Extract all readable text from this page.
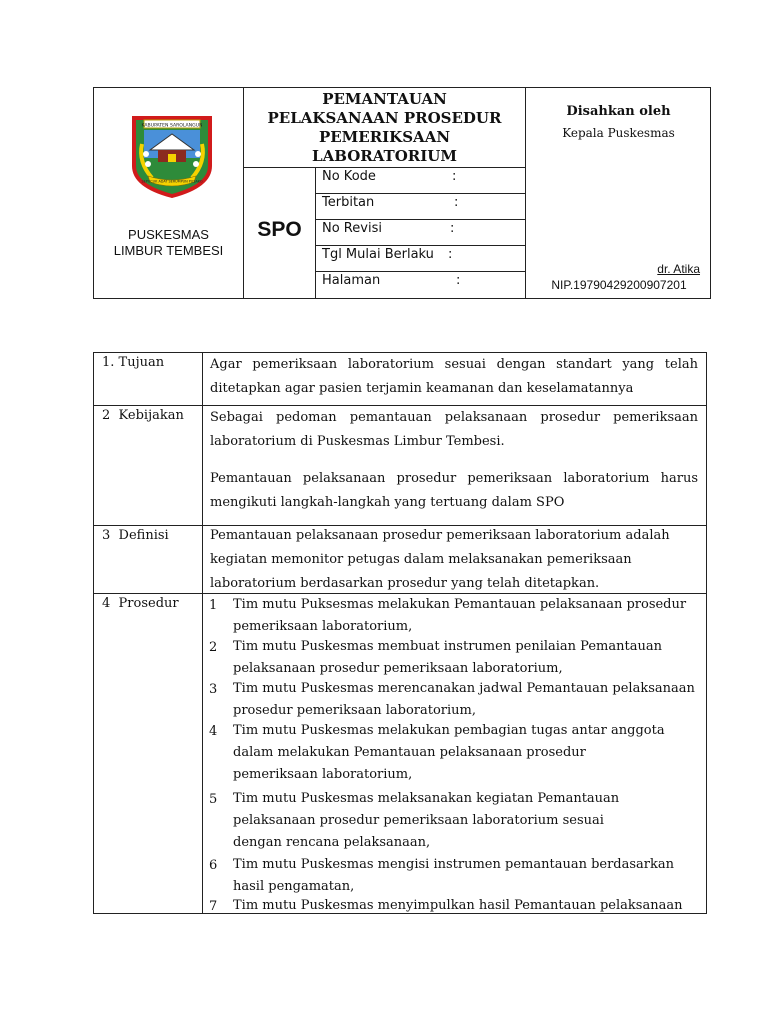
KABUPATEN SAROLANGUN
SEPUCUK ADAT SERUMPUN PUSAKO
PUSKESMAS
LIMBUR TEMBESI
PEMANTAUAN
PELAKSANAAN PROSEDUR
PEMERIKSAAN
LABORATORIUM
SPO
No Kode	:
Terbitan	:
No Revisi	:
Tgl Mulai Berlaku :
Halaman	:
Disahkan oleh
Kepala Puskesmas
dr. Atika
NIP.19790429200907201
1. Tujuan	Agar pemeriksaan laboratorium sesuai dengan standart yang telah ditetapkan agar pasien terjamin keamanan dan keselamatannya
2  Kebijakan Sebagai pedoman pemantauan pelaksanaan prosedur pemeriksaan laboratorium di Puskesmas Limbur Tembesi.
Pemantauan pelaksanaan prosedur pemeriksaan laboratorium harus mengikuti langkah-langkah yang tertuang dalam SPO
3  Definisi	Pemantauan pelaksanaan prosedur pemeriksaan laboratorium adalah kegiatan memonitor petugas dalam melaksanakan pemeriksaan laboratorium berdasarkan prosedur yang telah ditetapkan.
4  Prosedur 1	Tim mutu Puksesmas melakukan Pemantauan pelaksanaan prosedur pemeriksaan laboratorium,
2	Tim mutu Puskesmas membuat instrumen penilaian Pemantauan pelaksanaan prosedur pemeriksaan laboratorium,
3	Tim mutu Puskesmas merencanakan jadwal Pemantauan pelaksanaan prosedur pemeriksaan laboratorium,
4	Tim mutu Puskesmas melakukan pembagian tugas antar anggota dalam melakukan Pemantauan pelaksanaan prosedur pemeriksaan laboratorium,
5	Tim mutu Puskesmas melaksanakan kegiatan Pemantauan pelaksanaan prosedur pemeriksaan laboratorium sesuai dengan rencana pelaksanaan,
6	Tim mutu Puskesmas mengisi instrumen pemantauan berdasarkan hasil pengamatan,
7	Tim mutu Puskesmas menyimpulkan hasil Pemantauan pelaksanaan
